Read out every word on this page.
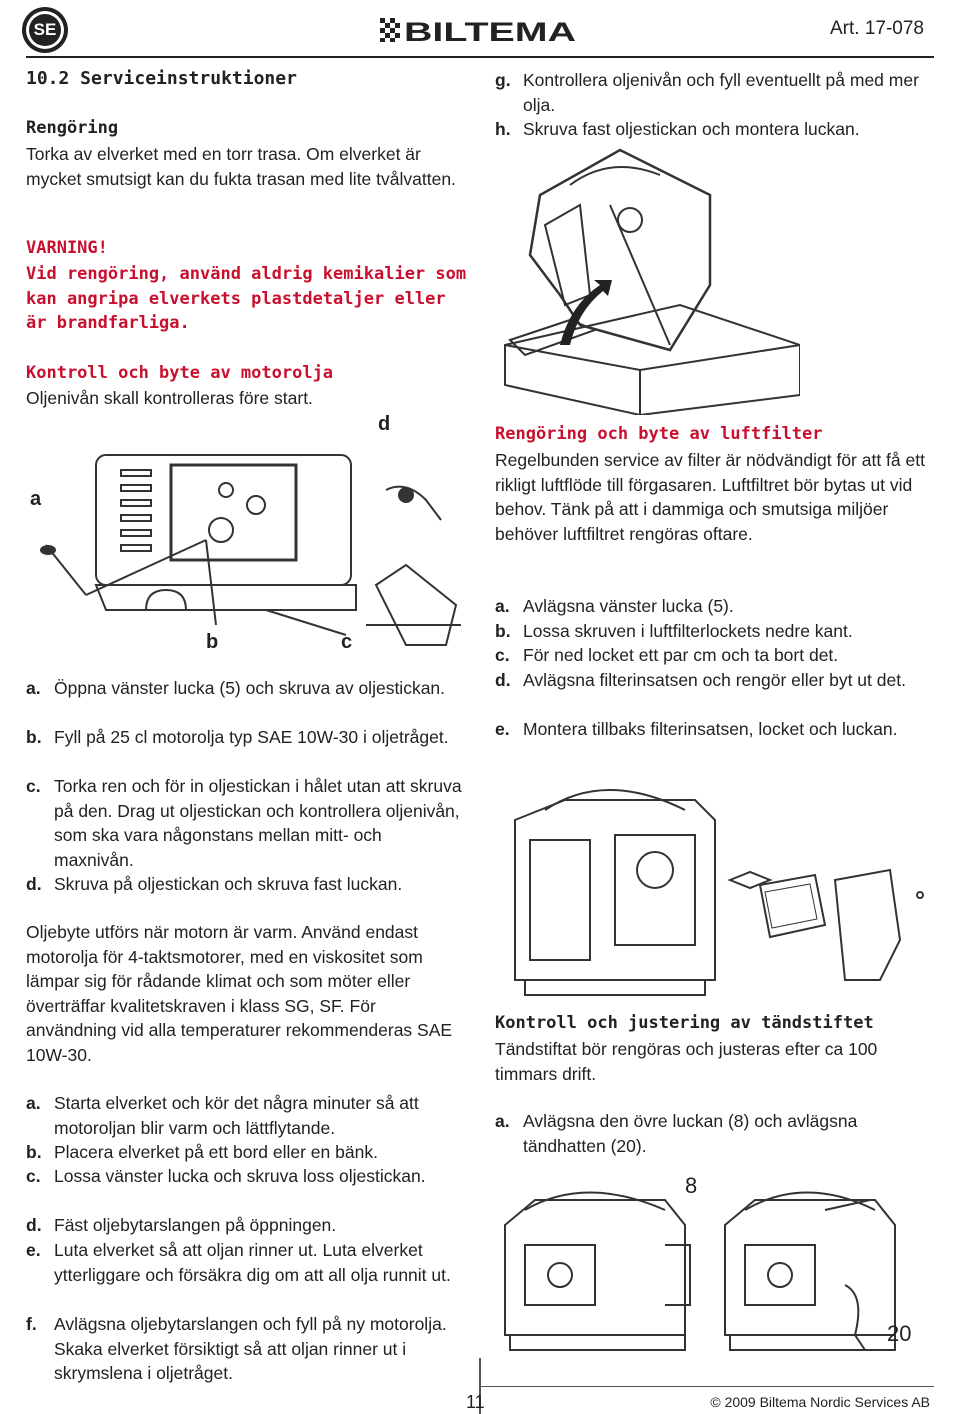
SE	BILTEMA	Art. 17-078
10.2 Serviceinstruktioner
Rengöring
Torka av elverket med en torr trasa. Om elverket är mycket smutsigt kan du fukta trasan med lite tvålvatten.
VARNING!
Vid rengöring, använd aldrig kemikalier som kan angripa elverkets plastdetaljer eller är brandfarliga.
Kontroll och byte av motorolja
Oljenivån skall kontrolleras före start.
a
b	c
d
a. Öppna vänster lucka (5) och skruva av oljestickan.
b. Fyll på 25 cl motorolja typ SAE 10W-30 i oljetråget.
c. Torka ren och för in oljestickan i hålet utan att skruva på den. Drag ut oljestickan och kontrollera oljenivån, som ska vara någonstans mellan mitt- och maxnivån.
d. Skruva på oljestickan och skruva fast luckan.
Oljebyte utförs när motorn är varm. Använd endast motorolja för 4-taktsmotorer, med en viskositet som lämpar sig för rådande klimat och som möter eller överträffar kvalitetskraven i klass SG, SF. För användning vid alla temperaturer rekommenderas SAE 10W-30.
a. Starta elverket och kör det några minuter så att motoroljan blir varm och lättflytande.
b. Placera elverket på ett bord eller en bänk.
c. Lossa vänster lucka och skruva loss oljestickan.
d. Fäst oljebytarslangen på öppningen.
e. Luta elverket så att oljan rinner ut. Luta elverket ytterliggare och försäkra dig om att all olja runnit ut.
f. Avlägsna oljebytarslangen och fyll på ny motorolja. Skaka elverket försiktigt så att oljan rinner ut i skrymslena i oljetråget.
g. Kontrollera oljenivån och fyll eventuellt på med mer olja.
h. Skruva fast oljestickan och montera luckan.
Rengöring och byte av luftfilter
Regelbunden service av filter är nödvändigt för att få ett rikligt luftflöde till förgasaren. Luftfiltret bör bytas ut vid behov. Tänk på att i dammiga och smutsiga miljöer behöver luftfiltret rengöras oftare.
a. Avlägsna vänster lucka (5).
b. Lossa skruven i luftfilterlockets nedre kant.
c. För ned locket ett par cm och ta bort det.
d. Avlägsna filterinsatsen och rengör eller byt ut det.
e. Montera tillbaks filterinsatsen, locket och luckan.
Kontroll och justering av tändstiftet
Tändstiftat bör rengöras och justeras efter ca 100 timmars drift.
a. Avlägsna den övre luckan (8) och avlägsna tändhatten (20).
8
20
11	© 2009 Biltema Nordic Services AB
